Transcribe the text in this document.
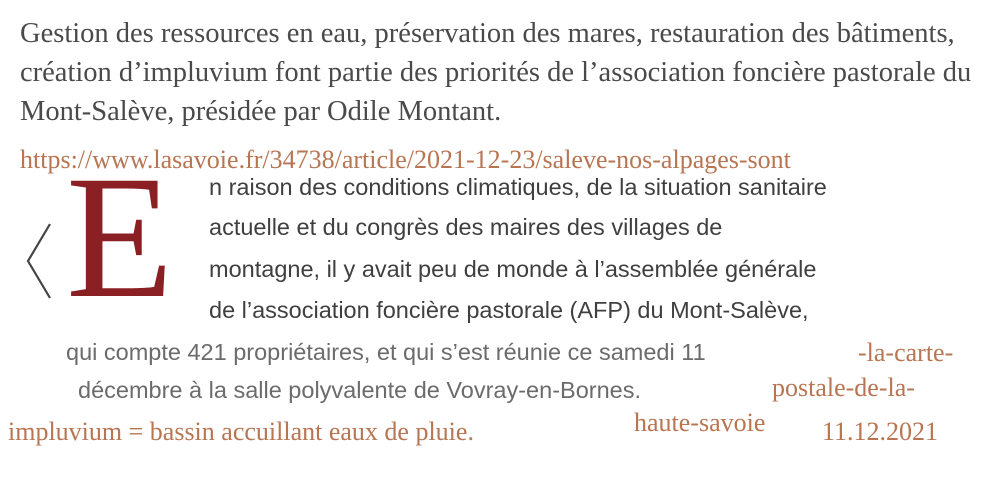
Gestion des ressources en eau, préservation des mares, restauration des bâtiments, création d’impluvium font partie des priorités de l’association foncière pastorale du Mont-Salève, présidée par Odile Montant.

https://www.lasavoie.fr/34738/article/2021-12-23/saleve-nos-alpages-sont
E n raison des conditions climatiques, de la situation sanitaire
actuelle et du congrès des maires des villages de
montagne, il y avait peu de monde à l’assemblée générale
de l’association foncière pastorale (AFP) du Mont-Salève,
qui compte 421 propriétaires, et qui s’est réunie ce samedi 11
décembre à la salle polyvalente de Vovray-en-Bornes.
-la-carte-
postale-de-la-
haute-savoie 11.12.2021
impluvium = bassin accuillant eaux de pluie.
